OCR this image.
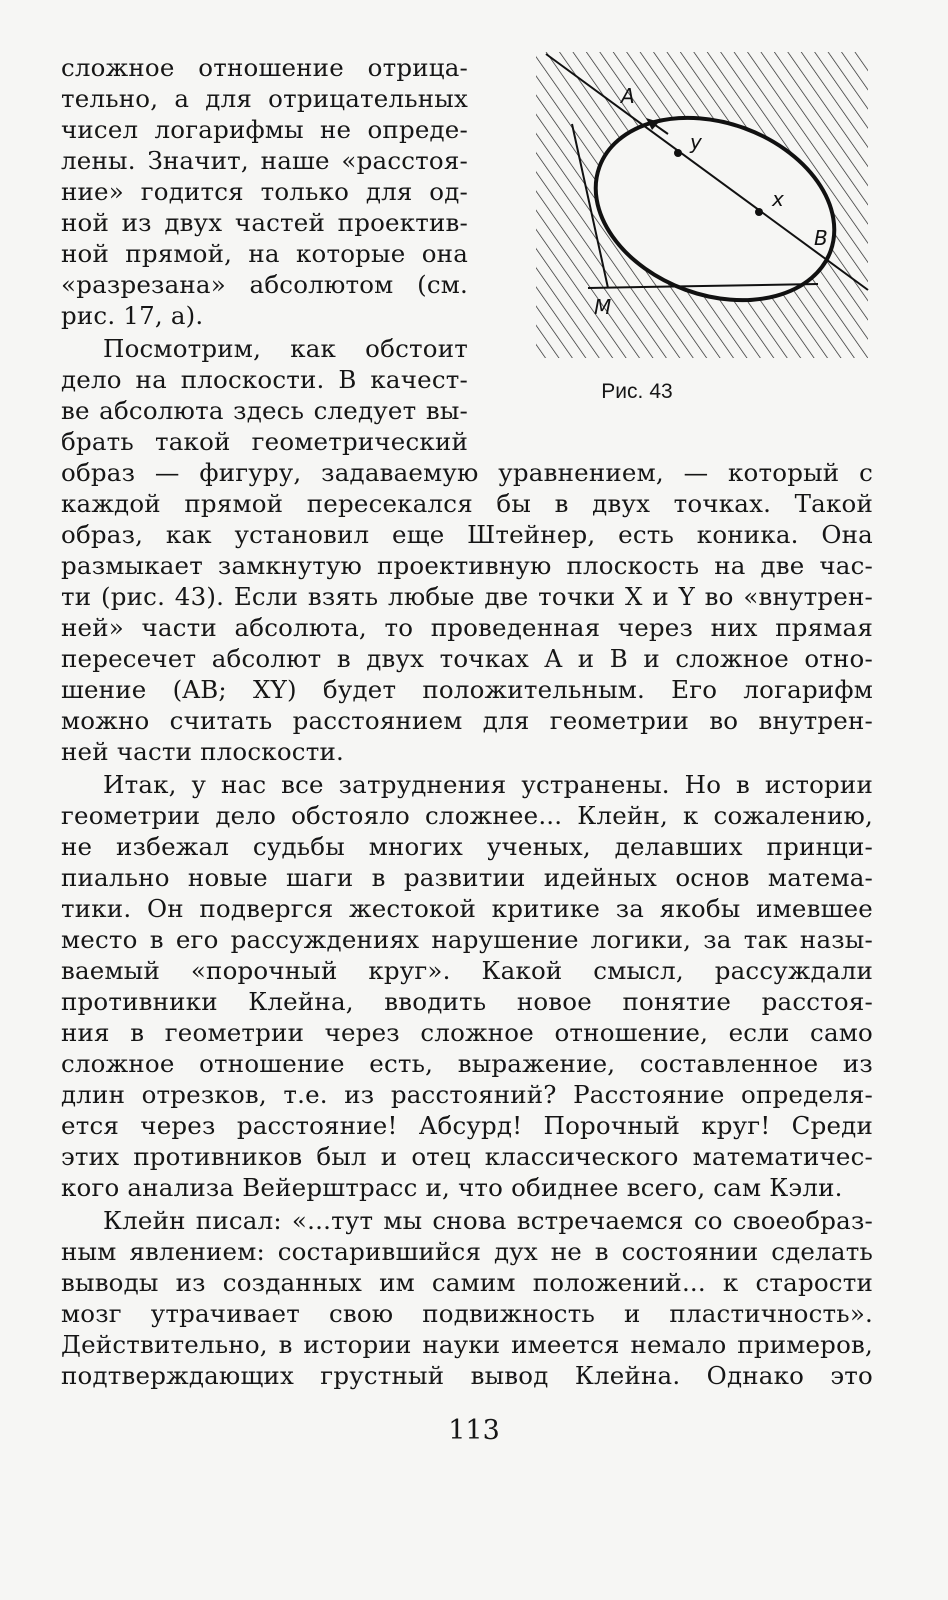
сложное отношение отрица-
тельно, а для отрицательных
чисел логарифмы не опреде-
лены. Значит, наше «расстоя-
ние» годится только для од-
ной из двух частей проектив-
ной прямой, на которые она
«разрезана» абсолютом (см.
рис. 17, а).
Посмотрим, как обстоит
дело на плоскости. В качест-
ве абсолюта здесь следует вы-
брать такой геометрический
образ — фигуру, задаваемую уравнением, — который с
каждой прямой пересекался бы в двух точках. Такой
образ, как установил еще Штейнер, есть коника. Она
размыкает замкнутую проективную плоскость на две час-
ти (рис. 43). Если взять любые две точки X и Y во «внутрен-
ней» части абсолюта, то проведенная через них прямая
пересечет абсолют в двух точках A и B и сложное отно-
шение (AB; XY) будет положительным. Его логарифм
можно считать расстоянием для геометрии во внутрен-
ней части плоскости.
Итак, у нас все затруднения устранены. Но в истории
геометрии дело обстояло сложнее... Клейн, к сожалению,
не избежал судьбы многих ученых, делавших принци-
пиально новые шаги в развитии идейных основ матема-
тики. Он подвергся жестокой критике за якобы имевшее
место в его рассуждениях нарушение логики, за так назы-
ваемый «порочный круг». Какой смысл, рассуждали
противники Клейна, вводить новое понятие расстоя-
ния в геометрии через сложное отношение, если само
сложное отношение есть, выражение, составленное из
длин отрезков, т.е. из расстояний? Расстояние определя-
ется через расстояние! Абсурд! Порочный круг! Среди
этих противников был и отец классического математичес-
кого анализа Вейерштрасс и, что обиднее всего, сам Кэли.
Клейн писал: «...тут мы снова встречаемся со своеобраз-
ным явлением: состарившийся дух не в состоянии сделать
выводы из созданных им самим положений... к старости
мозг утрачивает свою подвижность и пластичность».
Действительно, в истории науки имеется немало примеров,
подтверждающих грустный вывод Клейна. Однако это
A
y
x
B
M
Рис. 43
113
